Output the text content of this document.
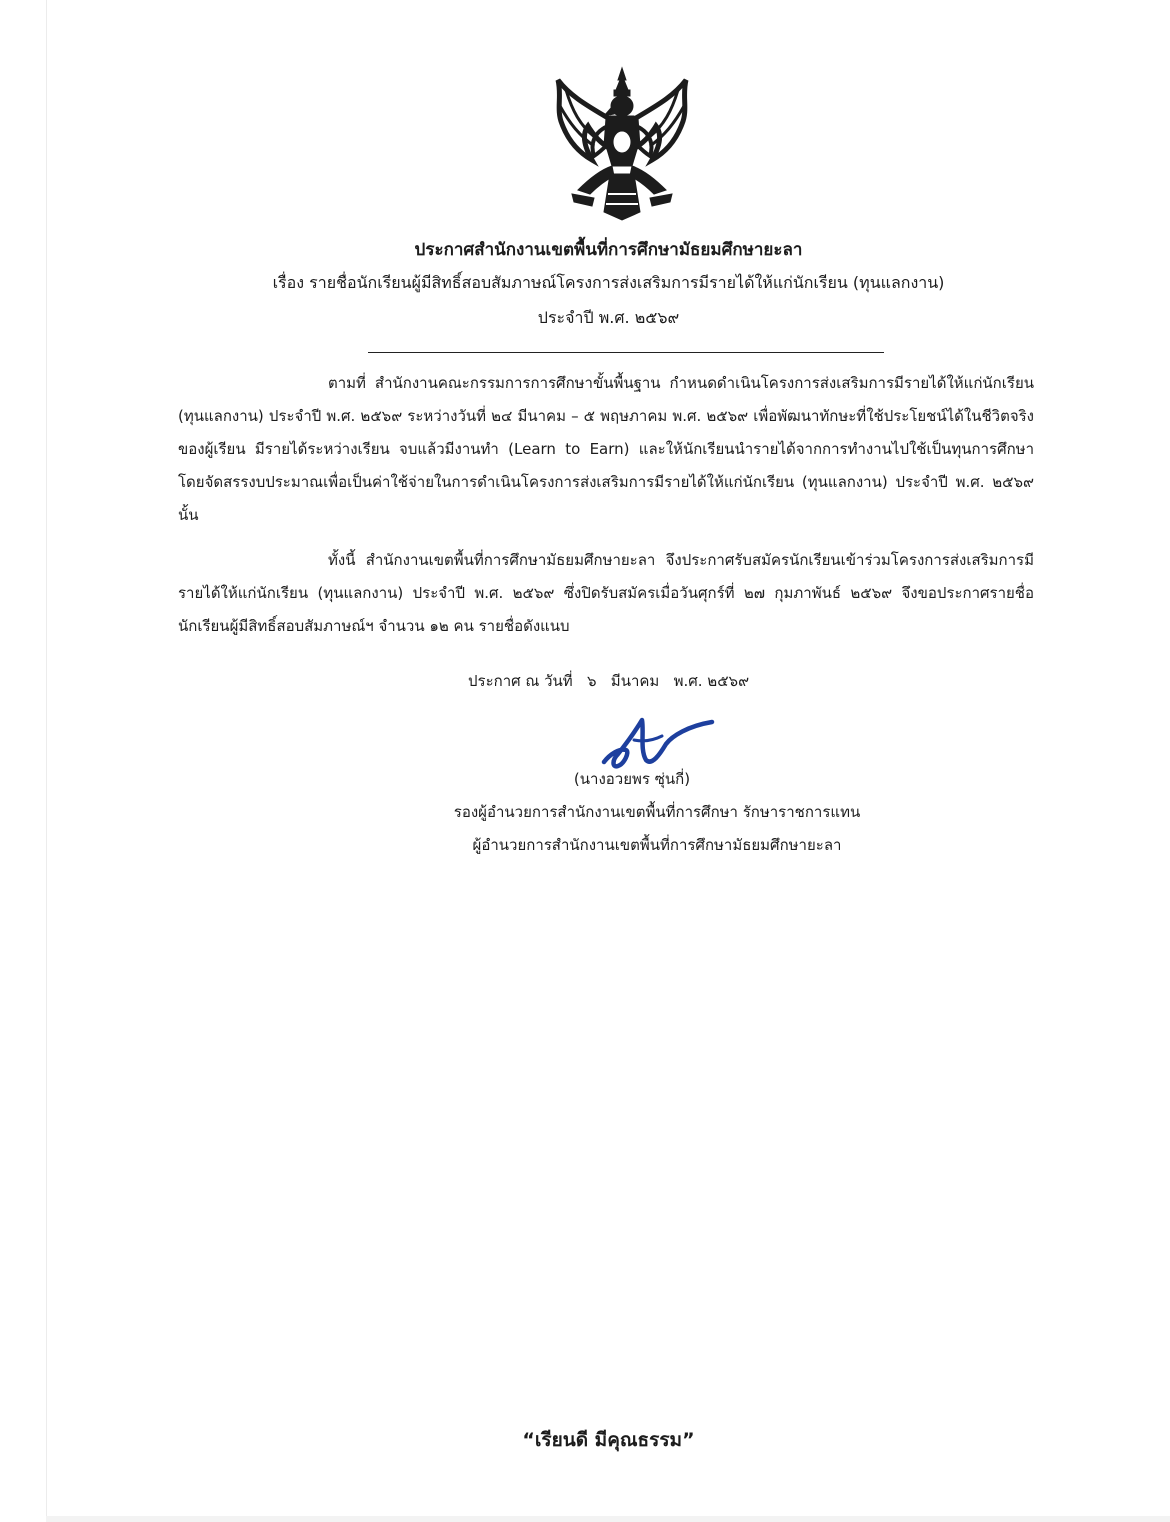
ประกาศสำนักงานเขตพื้นที่การศึกษามัธยมศึกษายะลา
เรื่อง รายชื่อนักเรียนผู้มีสิทธิ์สอบสัมภาษณ์โครงการส่งเสริมการมีรายได้ให้แก่นักเรียน (ทุนแลกงาน)
ประจำปี พ.ศ. ๒๕๖๙

ตามที่ สำนักงานคณะกรรมการการศึกษาขั้นพื้นฐาน กำหนดดำเนินโครงการส่งเสริมการมีรายได้ให้แก่นักเรียน (ทุนแลกงาน) ประจำปี พ.ศ. ๒๕๖๙ ระหว่างวันที่ ๒๔ มีนาคม – ๕ พฤษภาคม พ.ศ. ๒๕๖๙ เพื่อพัฒนาทักษะที่ใช้ประโยชน์ได้ในชีวิตจริงของผู้เรียน มีรายได้ระหว่างเรียน จบแล้วมีงานทำ (Learn to Earn) และให้นักเรียนนำรายได้จากการทำงานไปใช้เป็นทุนการศึกษา โดยจัดสรรงบประมาณเพื่อเป็นค่าใช้จ่ายในการดำเนินโครงการส่งเสริมการมีรายได้ให้แก่นักเรียน (ทุนแลกงาน) ประจำปี พ.ศ. ๒๕๖๙ นั้น

ทั้งนี้ สำนักงานเขตพื้นที่การศึกษามัธยมศึกษายะลา จึงประกาศรับสมัครนักเรียนเข้าร่วมโครงการส่งเสริมการมีรายได้ให้แก่นักเรียน (ทุนแลกงาน) ประจำปี พ.ศ. ๒๕๖๙ ซึ่งปิดรับสมัครเมื่อวันศุกร์ที่ ๒๗ กุมภาพันธ์ ๒๕๖๙ จึงขอประกาศรายชื่อนักเรียนผู้มีสิทธิ์สอบสัมภาษณ์ฯ จำนวน ๑๒ คน รายชื่อดังแนบ

ประกาศ ณ วันที่   ๖   มีนาคม   พ.ศ. ๒๕๖๙
(นางอวยพร ซุ่นกี่)
รองผู้อำนวยการสำนักงานเขตพื้นที่การศึกษา รักษาราชการแทน
ผู้อำนวยการสำนักงานเขตพื้นที่การศึกษามัธยมศึกษายะลา
“เรียนดี มีคุณธรรม”
